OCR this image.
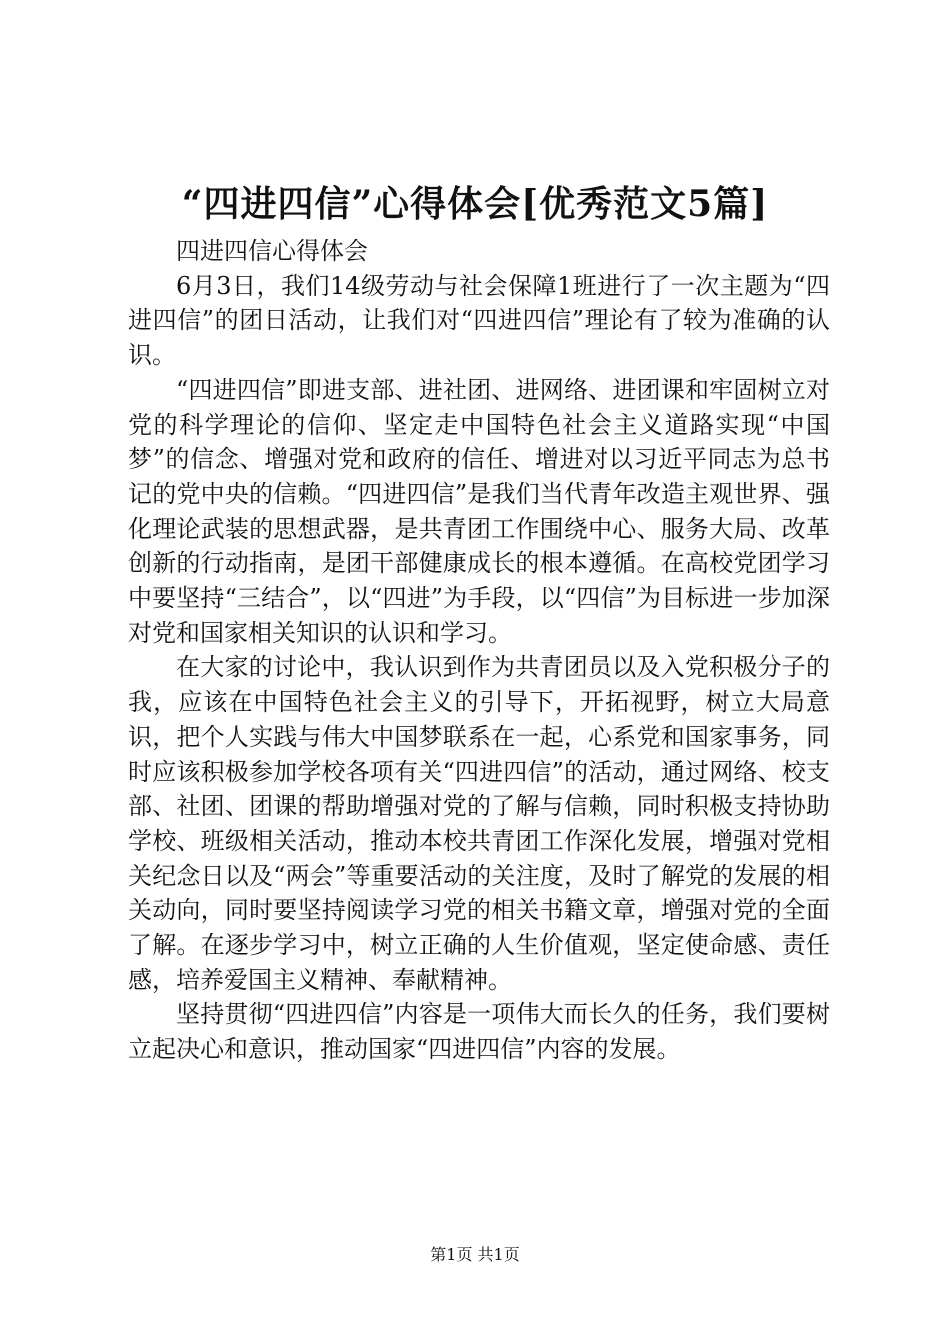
“四进四信”心得体会[优秀范文5篇]

四进四信心得体会

6月3日，我们14级劳动与社会保障1班进行了一次主题为“四进四信”的团日活动，让我们对“四进四信”理论有了较为准确的认识。

“四进四信”即进支部、进社团、进网络、进团课和牢固树立对党的科学理论的信仰、坚定走中国特色社会主义道路实现“中国梦”的信念、增强对党和政府的信任、增进对以习近平同志为总书记的党中央的信赖。“四进四信”是我们当代青年改造主观世界、强化理论武装的思想武器，是共青团工作围绕中心、服务大局、改革创新的行动指南，是团干部健康成长的根本遵循。在高校党团学习中要坚持“三结合”，以“四进”为手段，以“四信”为目标进一步加深对党和国家相关知识的认识和学习。

在大家的讨论中，我认识到作为共青团员以及入党积极分子的我，应该在中国特色社会主义的引导下，开拓视野，树立大局意识，把个人实践与伟大中国梦联系在一起，心系党和国家事务，同时应该积极参加学校各项有关“四进四信”的活动，通过网络、校支部、社团、团课的帮助增强对党的了解与信赖，同时积极支持协助学校、班级相关活动，推动本校共青团工作深化发展，增强对党相关纪念日以及“两会”等重要活动的关注度，及时了解党的发展的相关动向，同时要坚持阅读学习党的相关书籍文章，增强对党的全面了解。在逐步学习中，树立正确的人生价值观，坚定使命感、责任感，培养爱国主义精神、奉献精神。

坚持贯彻“四进四信”内容是一项伟大而长久的任务，我们要树立起决心和意识，推动国家“四进四信”内容的发展。

第1页 共1页
